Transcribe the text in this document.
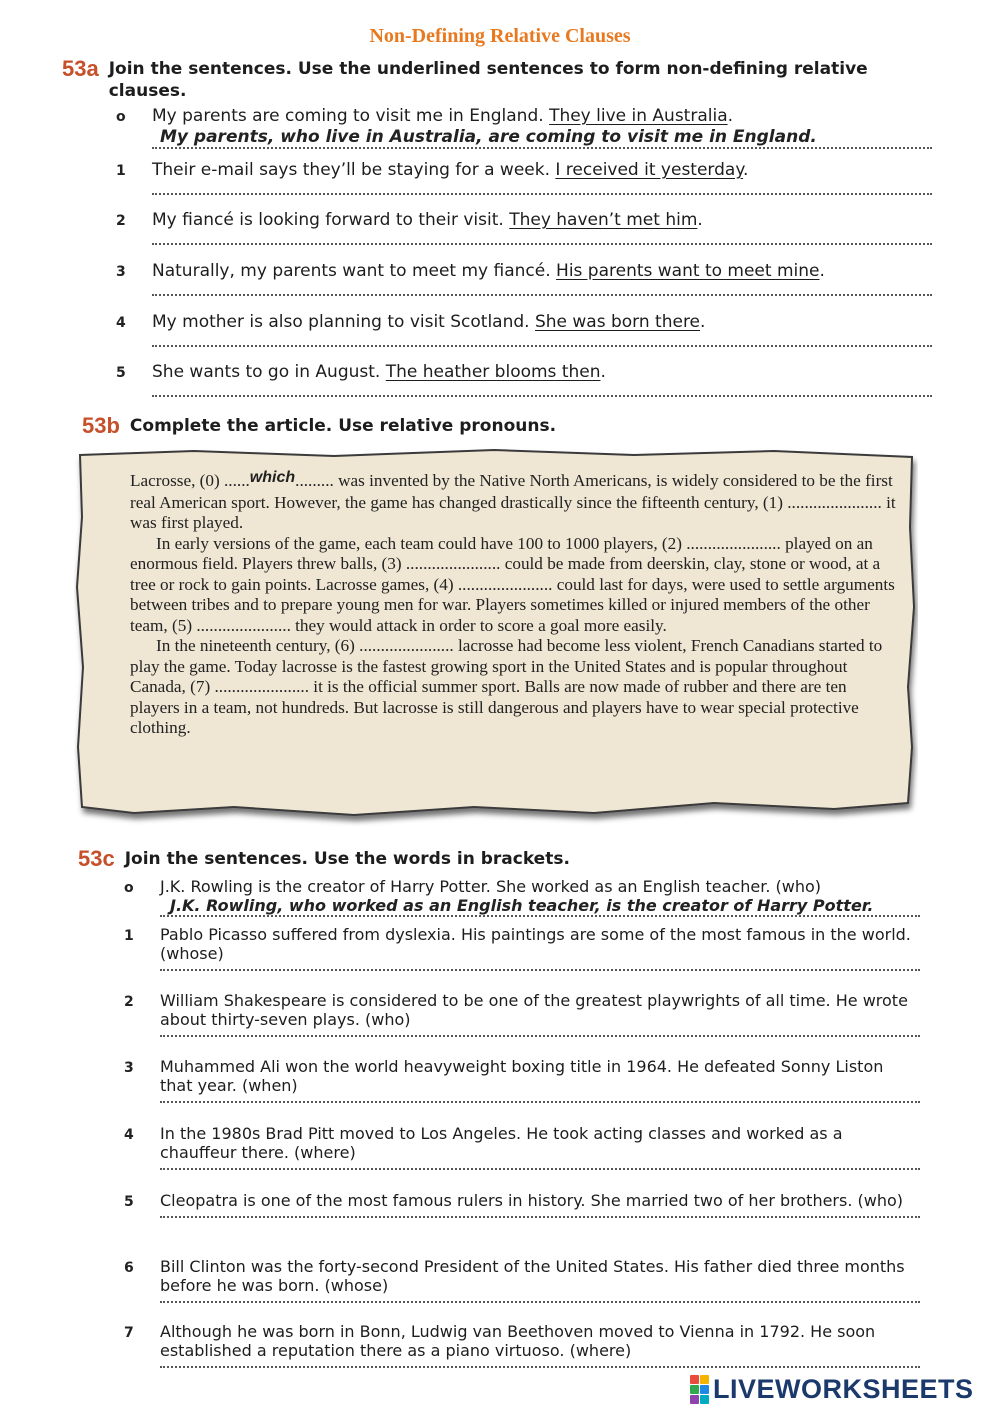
Non-Defining Relative Clauses
53a Join the sentences. Use the underlined sentences to form non-defining relative clauses.
o	My parents are coming to visit me in England. They live in Australia.
My parents, who live in Australia, are coming to visit me in England.
1	Their e-mail says they’ll be staying for a week. I received it yesterday.
2	My fiancé is looking forward to their visit. They haven’t met him.
3	Naturally, my parents want to meet my fiancé. His parents want to meet mine.
4	My mother is also planning to visit Scotland. She was born there.
5	She wants to go in August. The heather blooms then.
53b Complete the article. Use relative pronouns.

Lacrosse, (0) ......which......... was invented by the Native North Americans, is widely considered to be the first real American sport. However, the game has changed drastically since the fifteenth century, (1) ...................... it was first played.

In early versions of the game, each team could have 100 to 1000 players, (2) ...................... played on an enormous field. Players threw balls, (3) ...................... could be made from deerskin, clay, stone or wood, at a tree or rock to gain points. Lacrosse games, (4) ...................... could last for days, were used to settle arguments between tribes and to prepare young men for war. Players sometimes killed or injured members of the other team, (5) ...................... they would attack in order to score a goal more easily.

In the nineteenth century, (6) ...................... lacrosse had become less violent, French Canadians started to play the game. Today lacrosse is the fastest growing sport in the United States and is popular throughout Canada, (7) ...................... it is the official summer sport. Balls are now made of rubber and there are ten players in a team, not hundreds. But lacrosse is still dangerous and players have to wear special protective clothing.

53c Join the sentences. Use the words in brackets.
o	J.K. Rowling is the creator of Harry Potter. She worked as an English teacher. (who)
J.K. Rowling, who worked as an English teacher, is the creator of Harry Potter.
1	Pablo Picasso suffered from dyslexia. His paintings are some of the most famous in the world. (whose)
2	William Shakespeare is considered to be one of the greatest playwrights of all time. He wrote about thirty-seven plays. (who)
3	Muhammed Ali won the world heavyweight boxing title in 1964. He defeated Sonny Liston that year. (when)
4	In the 1980s Brad Pitt moved to Los Angeles. He took acting classes and worked as a chauffeur there. (where)
5	Cleopatra is one of the most famous rulers in history. She married two of her brothers. (who)
6	Bill Clinton was the forty-second President of the United States. His father died three months before he was born. (whose)
7	Although he was born in Bonn, Ludwig van Beethoven moved to Vienna in 1792. He soon established a reputation there as a piano virtuoso. (where)
LIVEWORKSHEETS
